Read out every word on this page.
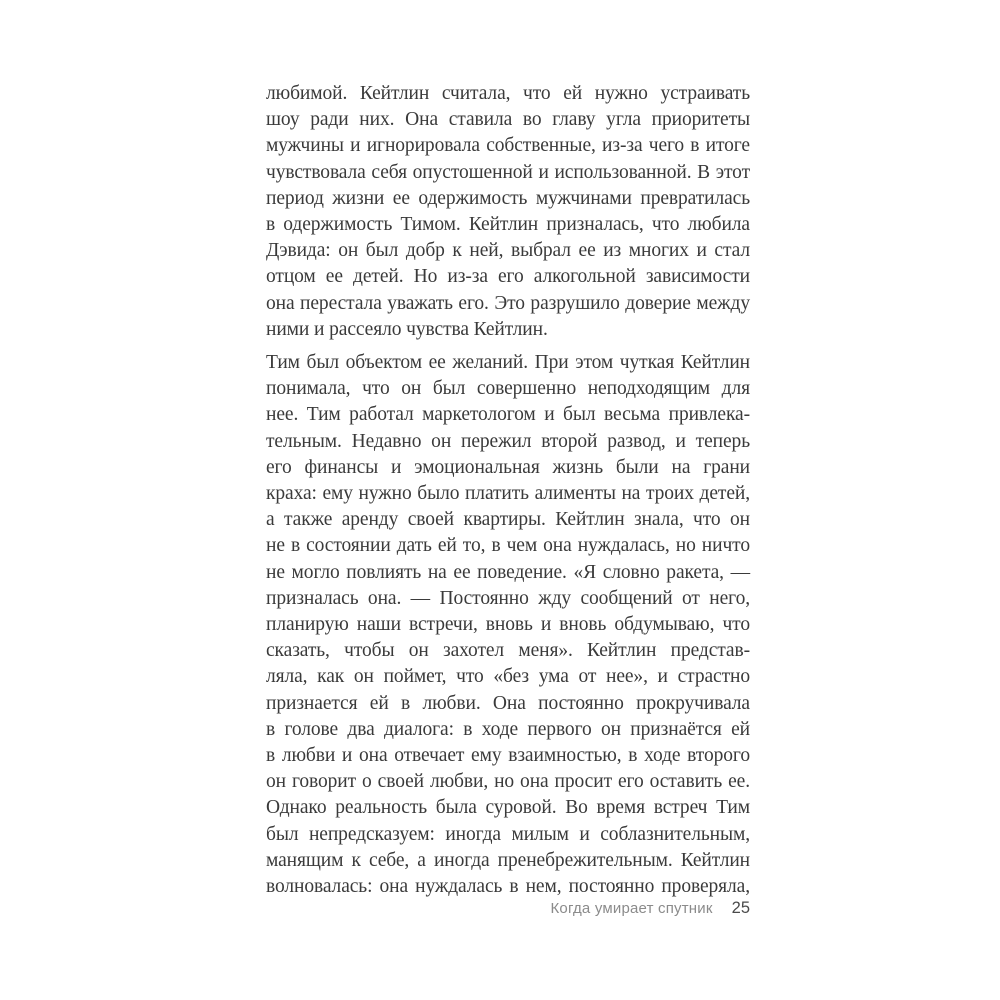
любимой. Кейтлин считала, что ей нужно устраивать
шоу ради них. Она ставила во главу угла приоритеты
мужчины и игнорировала собственные, из-за чего в итоге
чувствовала себя опустошенной и использованной. В этот
период жизни ее одержимость мужчинами превратилась
в одержимость Тимом. Кейтлин призналась, что любила
Дэвида: он был добр к ней, выбрал ее из многих и стал
отцом ее детей. Но из-за его алкогольной зависимости
она перестала уважать его. Это разрушило доверие между
ними и рассеяло чувства Кейтлин.
Тим был объектом ее желаний. При этом чуткая Кейтлин
понимала, что он был совершенно неподходящим для
нее. Тим работал маркетологом и был весьма привлека-
тельным. Недавно он пережил второй развод, и теперь
его финансы и эмоциональная жизнь были на грани
краха: ему нужно было платить алименты на троих детей,
а также аренду своей квартиры. Кейтлин знала, что он
не в состоянии дать ей то, в чем она нуждалась, но ничто
не могло повлиять на ее поведение. «Я словно ракета, —
призналась она. — Постоянно жду сообщений от него,
планирую наши встречи, вновь и вновь обдумываю, что
сказать, чтобы он захотел меня». Кейтлин представ-
ляла, как он поймет, что «без ума от нее», и страстно
признается ей в любви. Она постоянно прокручивала
в голове два диалога: в ходе первого он признаётся ей
в любви и она отвечает ему взаимностью, в ходе второго
он говорит о своей любви, но она просит его оставить ее.
Однако реальность была суровой. Во время встреч Тим
был непредсказуем: иногда милым и соблазнительным,
манящим к себе, а иногда пренебрежительным. Кейтлин
волновалась: она нуждалась в нем, постоянно проверяла,
Когда умирает спутник 25
